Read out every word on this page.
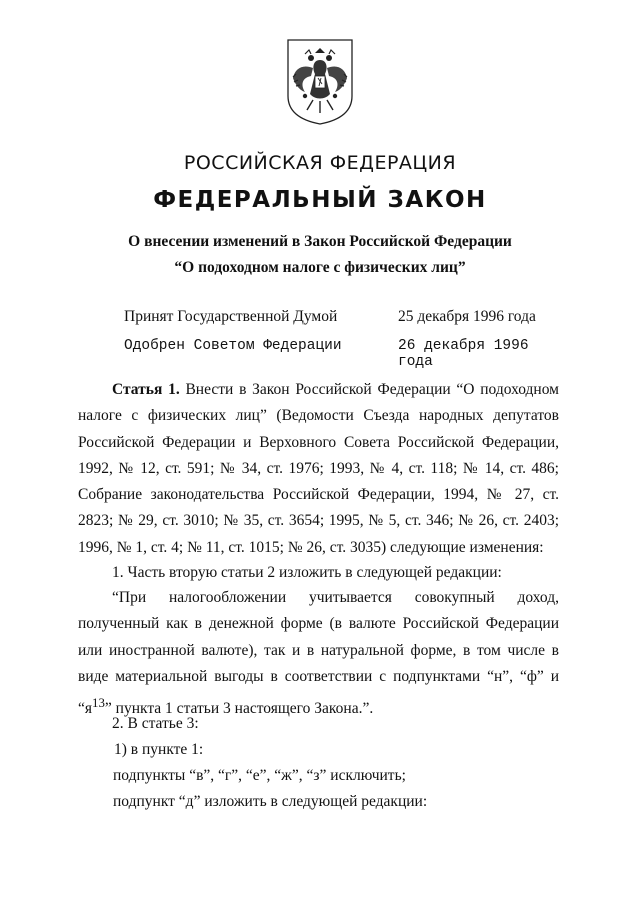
РОССИЙСКАЯ ФЕДЕРАЦИЯ
ФЕДЕРАЛЬНЫЙ ЗАКОН
О внесении изменений в Закон Российской Федерации
“О подоходном налоге с физических лиц”
Принят Государственной Думой	25 декабря 1996 года
Одобрен Советом Федерации	26 декабря 1996 года

Статья 1. Внести в Закон Российской Федерации “О подоходном налоге с физических лиц” (Ведомости Съезда народных депутатов Российской Федерации и Верховного Совета Российской Федерации, 1992, № 12, ст. 591; № 34, ст. 1976; 1993, № 4, ст. 118; № 14, ст. 486; Собрание законодательства Российской Федерации, 1994, № 27, ст. 2823; № 29, ст. 3010; № 35, ст. 3654; 1995, № 5, ст. 346; № 26, ст. 2403; 1996, № 1, ст. 4; № 11, ст. 1015; № 26, ст. 3035) следующие изменения:

1. Часть вторую статьи 2 изложить в следующей редакции:

“При налогообложении учитывается совокупный доход, полученный как в денежной форме (в валюте Российской Федерации или иностранной валюте), так и в натуральной форме, в том числе в виде материальной выгоды в соответствии с подпунктами “н”, “ф” и “$я^{13}$” пункта 1 статьи 3 настоящего Закона.”.

2. В статье 3:

1) в пункте 1:

подпункты “в”, “г”, “е”, “ж”, “з” исключить;

подпункт “д” изложить в следующей редакции:
